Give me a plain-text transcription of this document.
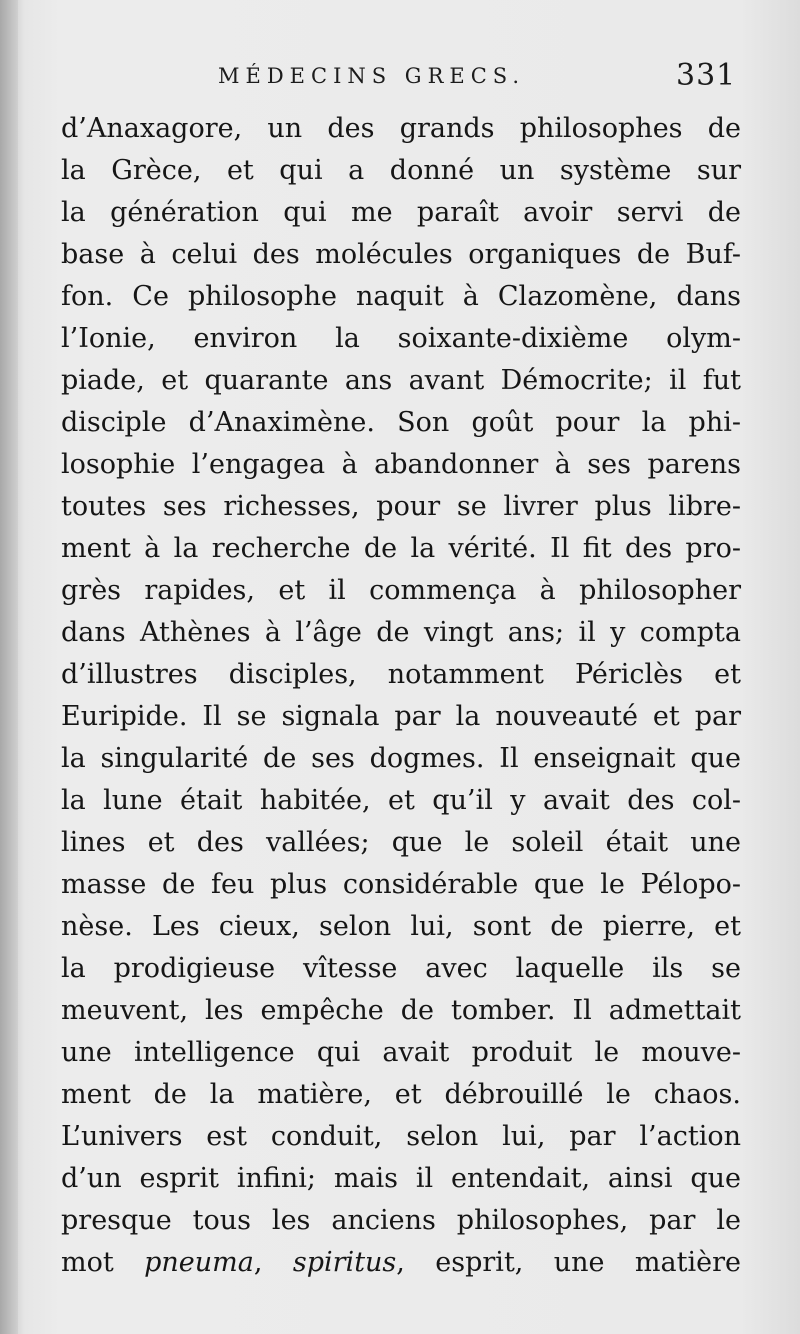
MÉDECINS GRECS.	331
d’Anaxagore, un des grands philosophes de
la Grèce, et qui a donné un système sur
la génération qui me paraît avoir servi de
base à celui des molécules organiques de Buf-
fon. Ce philosophe naquit à Clazomène, dans
l’Ionie, environ la soixante-dixième olym-
piade, et quarante ans avant Démocrite; il fut
disciple d’Anaximène. Son goût pour la phi-
losophie l’engagea à abandonner à ses parens
toutes ses richesses, pour se livrer plus libre-
ment à la recherche de la vérité. Il fit des pro-
grès rapides, et il commença à philosopher
dans Athènes à l’âge de vingt ans; il y compta
d’illustres disciples, notamment Périclès et
Euripide. Il se signala par la nouveauté et par
la singularité de ses dogmes. Il enseignait que
la lune était habitée, et qu’il y avait des col-
lines et des vallées; que le soleil était une
masse de feu plus considérable que le Pélopo-
nèse. Les cieux, selon lui, sont de pierre, et
la prodigieuse vîtesse avec laquelle ils se
meuvent, les empêche de tomber. Il admettait
une intelligence qui avait produit le mouve-
ment de la matière, et débrouillé le chaos.
L’univers est conduit, selon lui, par l’action
d’un esprit infini; mais il entendait, ainsi que
presque tous les anciens philosophes, par le
mot pneuma, spiritus, esprit, une matière
